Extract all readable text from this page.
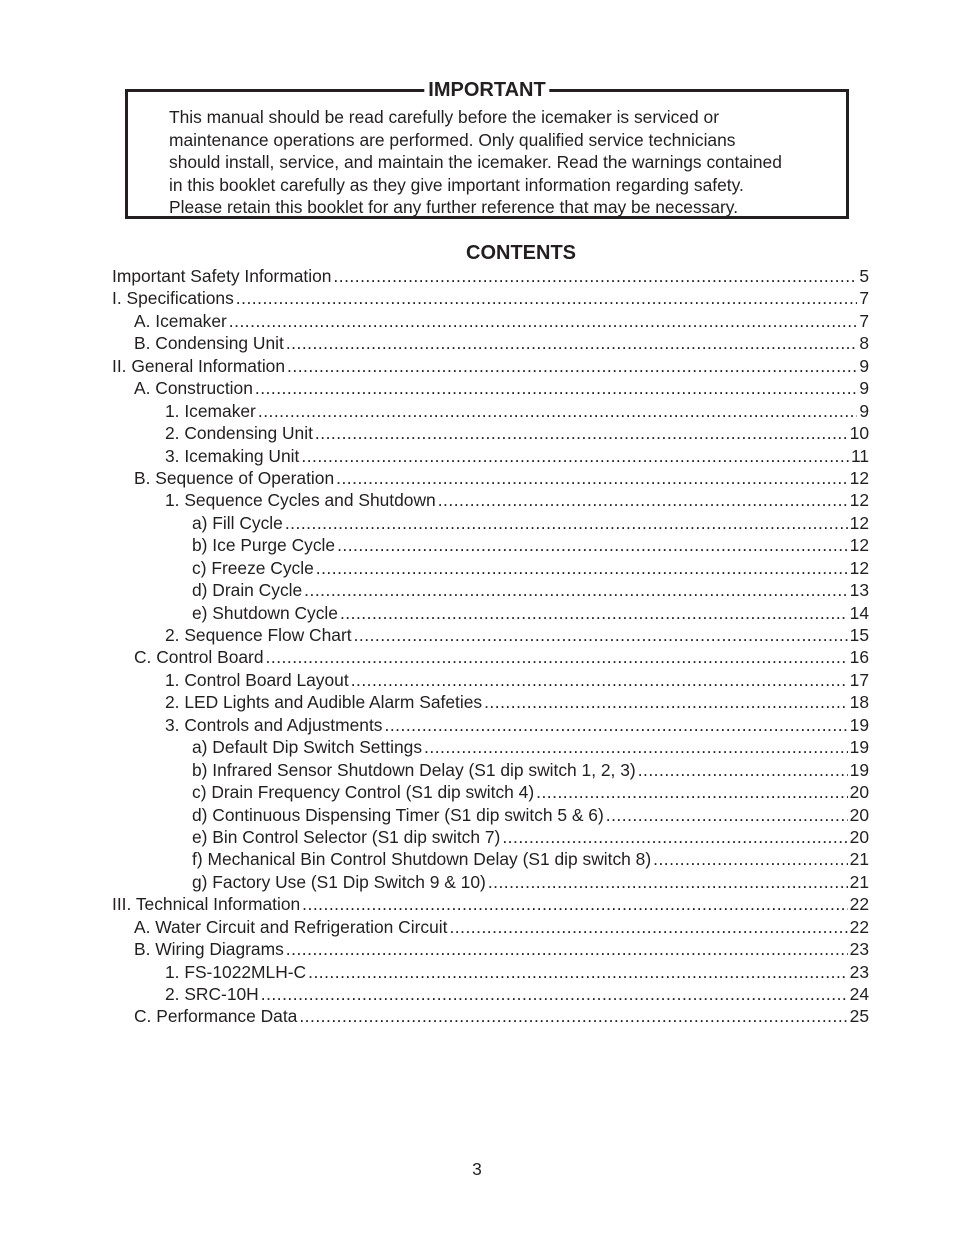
IMPORTANT
This manual should be read carefully before the icemaker is serviced or
maintenance operations are performed. Only qualified service technicians
should install, service, and maintain the icemaker. Read the warnings contained
in this booklet carefully as they give important information regarding safety.
Please retain this booklet for any further reference that may be necessary.
CONTENTS
Important Safety Information .....	5
I. Specifications .....	7
A. Icemaker .....	7
B. Condensing Unit .....	8
II. General Information .....	9
A. Construction .....	9
1. Icemaker .....	9
2. Condensing Unit .....	10
3. Icemaking Unit .....	11
B. Sequence of Operation .....	12
1. Sequence Cycles and Shutdown .....	12
a) Fill Cycle .....	12
b) Ice Purge Cycle .....	12
c) Freeze Cycle .....	12
d) Drain Cycle .....	13
e) Shutdown Cycle .....	14
2. Sequence Flow Chart .....	15
C. Control Board .....	16
1. Control Board Layout .....	17
2. LED Lights and Audible Alarm Safeties .....	18
3. Controls and Adjustments .....	19
a) Default Dip Switch Settings .....	19
b) Infrared Sensor Shutdown Delay (S1 dip switch 1, 2, 3) .....	19
c) Drain Frequency Control (S1 dip switch 4) .....	20
d) Continuous Dispensing Timer (S1 dip switch 5 & 6) .....	20
e) Bin Control Selector (S1 dip switch 7) .....	20
f) Mechanical Bin Control Shutdown Delay (S1 dip switch 8) .....	21
g) Factory Use (S1 Dip Switch 9 & 10) .....	21
III. Technical Information .....	22
A. Water Circuit and Refrigeration Circuit .....	22
B. Wiring Diagrams .....	23
1. FS-1022MLH-C .....	23
2. SRC-10H .....	24
C. Performance Data .....	25
3
